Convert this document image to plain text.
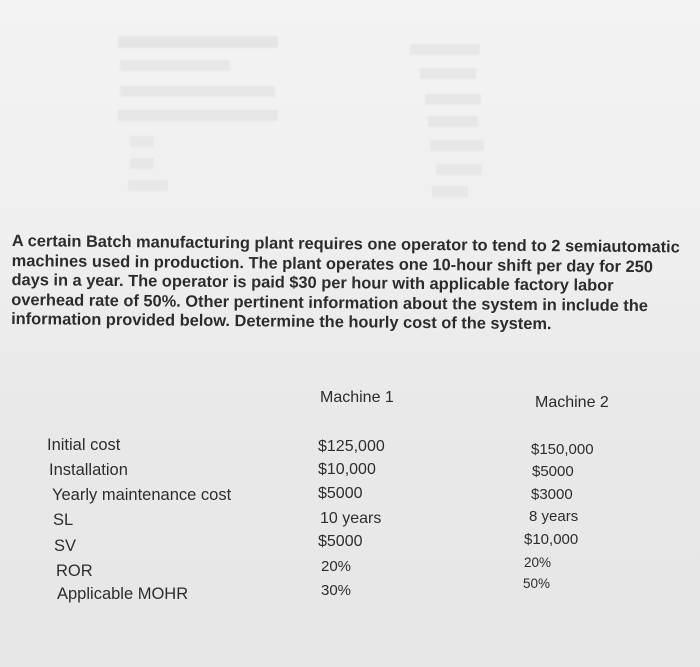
A certain Batch manufacturing plant requires one operator to tend to 2 semiautomatic machines used in production. The plant operates one 10-hour shift per day for 250 days in a year. The operator is paid $30 per hour with applicable factory labor overhead rate of 50%. Other pertinent information about the system in include the information provided below. Determine the hourly cost of the system.

Machine 1	Machine 2
Initial cost
Installation
Yearly maintenance cost
SL
SV
ROR
Applicable MOHR
$125,000
$10,000
$5000
10 years
$5000
20%
30%
$150,000
$5000
$3000
8 years
$10,000
20%
50%
